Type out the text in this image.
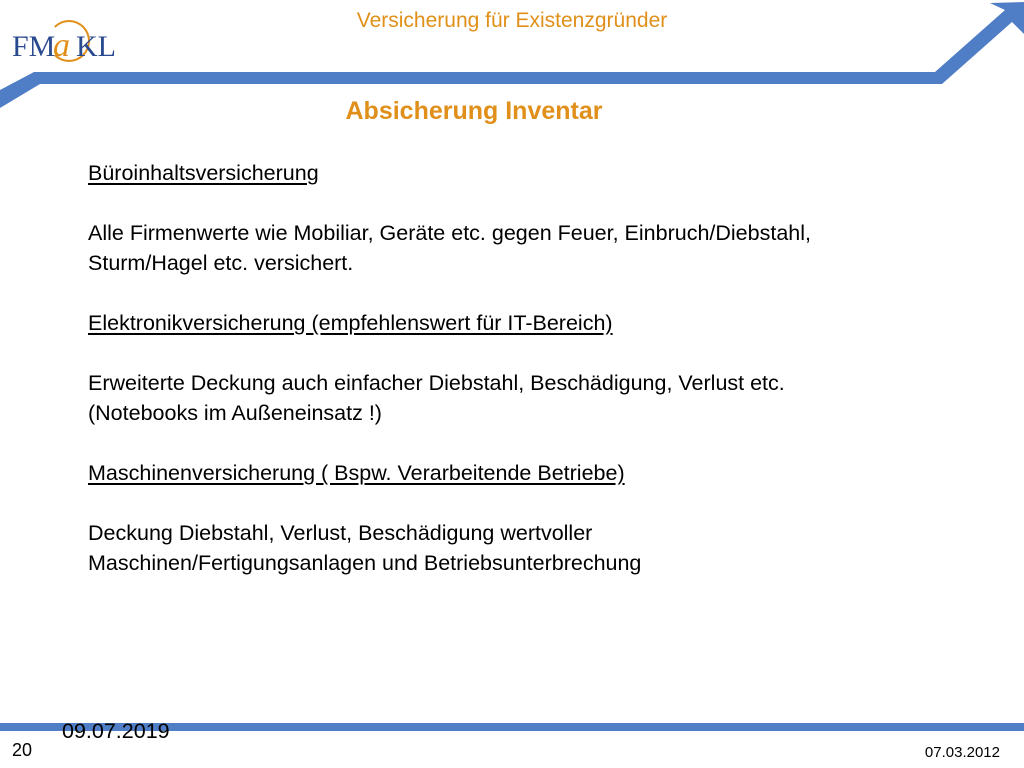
FM
a KL
Versicherung für Existenzgründer
Absicherung Inventar

Büroinhaltsversicherung

Alle Firmenwerte wie Mobiliar, Geräte etc. gegen Feuer, Einbruch/Diebstahl,

Sturm/Hagel etc. versichert.

Elektronikversicherung (empfehlenswert für IT-Bereich)

Erweiterte Deckung auch einfacher Diebstahl, Beschädigung, Verlust etc.

(Notebooks im Außeneinsatz !)

Maschinenversicherung ( Bspw. Verarbeitende Betriebe)

Deckung Diebstahl, Verlust, Beschädigung wertvoller

Maschinen/Fertigungsanlagen und Betriebsunterbrechung

09.07.2019
20	07.03.2012
